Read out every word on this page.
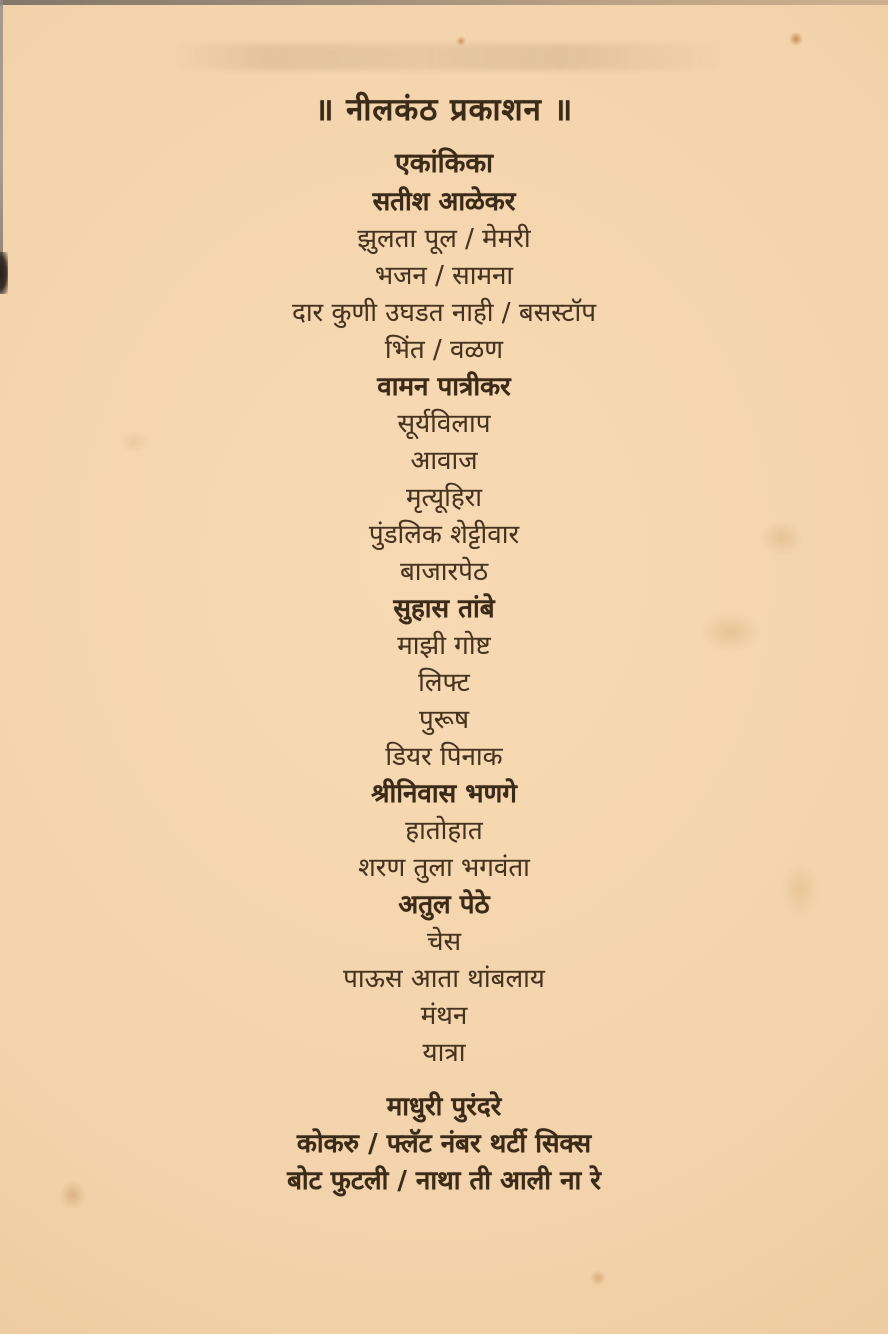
॥ नीलकंठ प्रकाशन ॥
एकांकिका
सतीश आळेकर
झुलता पूल / मेमरी
भजन / सामना
दार कुणी उघडत नाही / बसस्टॉप
भिंत / वळण
वामन पात्रीकर
सूर्यविलाप
आवाज
मृत्यूहिरा
पुंडलिक शेट्टीवार
बाजारपेठ
सुहास तांबे
माझी गोष्ट
लिफ्ट
पुरूष
डियर पिनाक
श्रीनिवास भणगे
हातोहात
शरण तुला भगवंता
अतुल पेठे
चेस
पाऊस आता थांबलाय
मंथन
यात्रा
माधुरी पुरंदरे
कोकरु / फ्लॅट नंबर थर्टी सिक्स
बोट फुटली / नाथा ती आली ना रे
